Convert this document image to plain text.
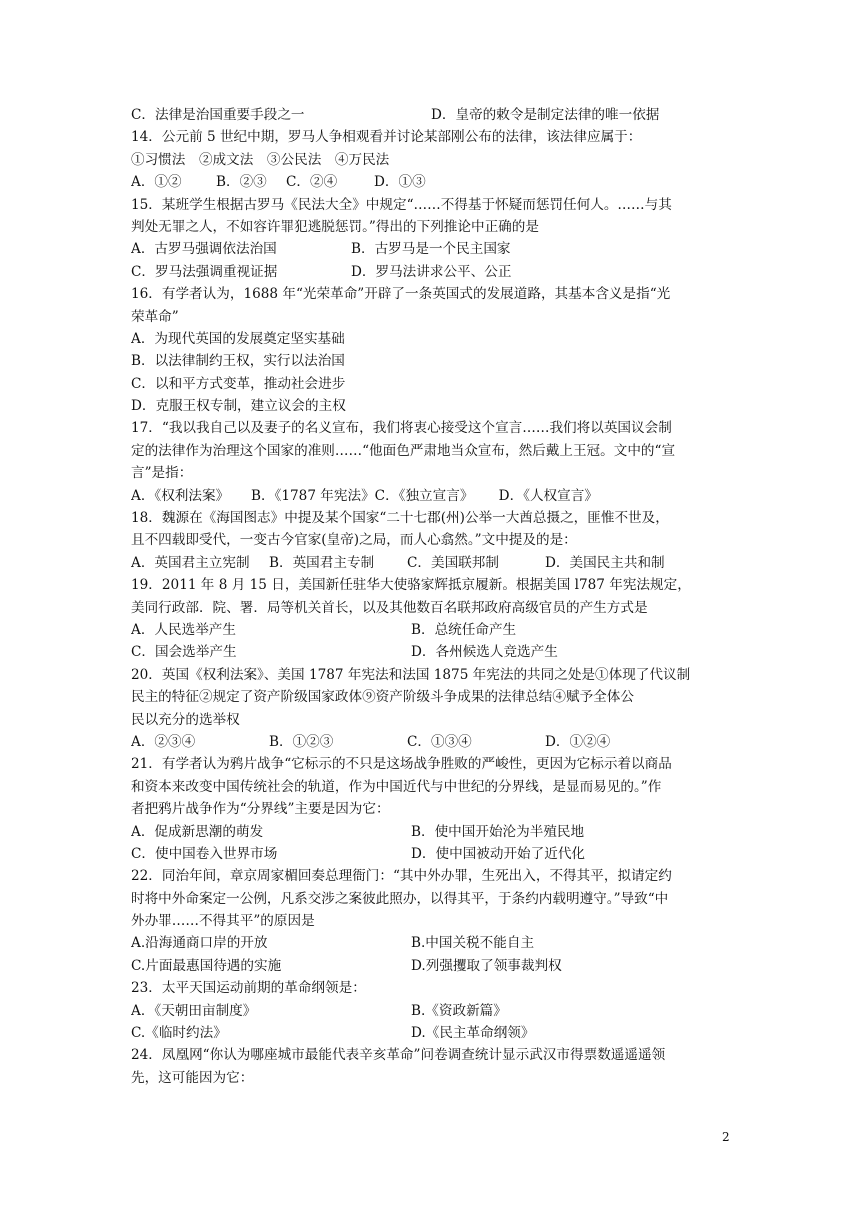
C．法律是治国重要手段之一	D．皇帝的敕令是制定法律的唯一依据
14．公元前 5 世纪中期，罗马人争相观看并讨论某部刚公布的法律，该法律应属于：
①习惯法　②成文法　③公民法　④万民法
A．①②	B．②③	C．②④	D．①③
15．某班学生根据古罗马《民法大全》中规定“……不得基于怀疑而惩罚任何人。……与其
判处无罪之人，不如容许罪犯逃脱惩罚。”得出的下列推论中正确的是
A．古罗马强调依法治国	B．古罗马是一个民主国家
C．罗马法强调重视证据	D．罗马法讲求公平、公正
16．有学者认为，1688 年“光荣革命”开辟了一条英国式的发展道路，其基本含义是指“光
荣革命”
A．为现代英国的发展奠定坚实基础
B．以法律制约王权，实行以法治国
C．以和平方式变革，推动社会进步
D．克服王权专制，建立议会的主权
17．“我以我自己以及妻子的名义宣布，我们将衷心接受这个宣言……我们将以英国议会制
定的法律作为治理这个国家的准则……“他面色严肃地当众宣布，然后戴上王冠。文中的“宣
言”是指：
A．《权利法案》	B．《1787 年宪法》 C．《独立宣言》	D．《人权宣言》
18．魏源在《海国图志》中提及某个国家“二十七郡(州)公举一大酋总摄之，匪惟不世及，
且不四载即受代，一变古今官家(皇帝)之局，而人心翕然。”文中提及的是：
A．英国君主立宪制	B．英国君主专制	C．美国联邦制	D．美国民主共和制
19．2011 年 8 月 15 日，美国新任驻华大使骆家辉抵京履新。根据美国 l787 年宪法规定，
美同行政部．院、署．局等机关首长，以及其他数百名联邦政府高级官员的产生方式是
A．人民选举产生	B．总统任命产生
C．国会选举产生	D．各州候选人竞选产生
20．英国《权利法案》、美国 1787 年宪法和法国 1875 年宪法的共同之处是①体现了代议制
民主的特征②规定了资产阶级国家政体⑨资产阶级斗争成果的法律总结④赋予全体公
民以充分的选举权
A．②③④	B．①②③	C．①③④	D．①②④
21．有学者认为鸦片战争“它标示的不只是这场战争胜败的严峻性，更因为它标示着以商品
和资本来改变中国传统社会的轨道，作为中国近代与中世纪的分界线，是显而易见的。”作
者把鸦片战争作为“分界线”主要是因为它：
A．促成新思潮的萌发	B．使中国开始沦为半殖民地
C．使中国卷入世界市场	D．使中国被动开始了近代化
22．同治年间，章京周家楣回奏总理衙门：“其中外办罪，生死出入，不得其平，拟请定约
时将中外命案定一公例，凡系交涉之案彼此照办，以得其平，于条约内载明遵守。”导致“中
外办罪……不得其平”的原因是
A.沿海通商口岸的开放	B.中国关税不能自主
C.片面最惠国待遇的实施	D.列强攫取了领事裁判权
23．太平天国运动前期的革命纲领是：
A．《天朝田亩制度》	B.《资政新篇》
C.《临时约法》	D.《民主革命纲领》
24．凤凰网“你认为哪座城市最能代表辛亥革命”问卷调查统计显示武汉市得票数遥遥遥领
先，这可能因为它：
2
